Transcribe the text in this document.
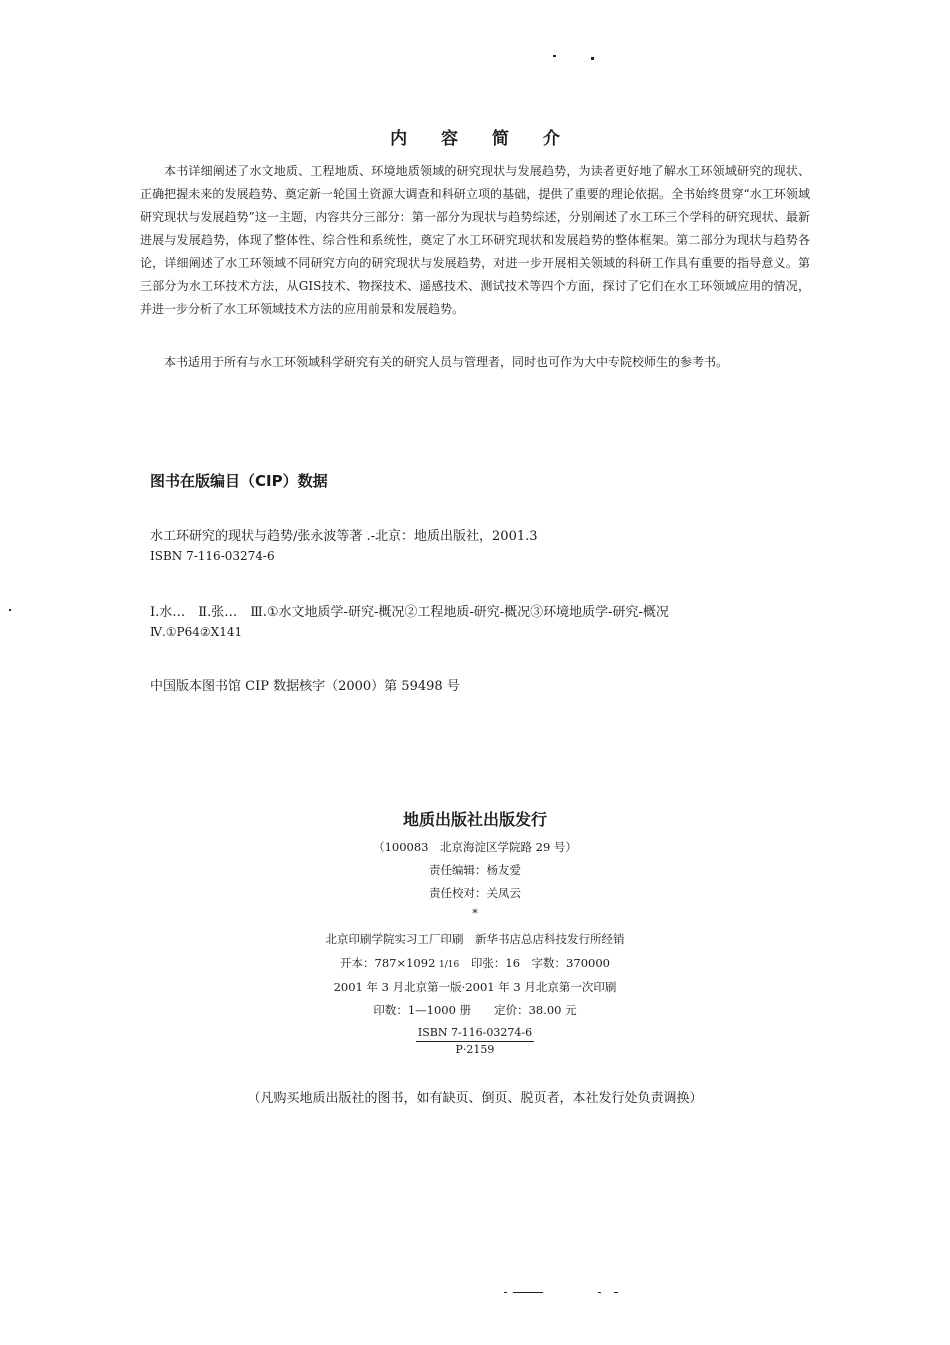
内 容 简 介
本书详细阐述了水文地质、工程地质、环境地质领域的研究现状与发展趋势，为读者更好地了解水工环领域研究的现状、正确把握未来的发展趋势、奠定新一轮国土资源大调查和科研立项的基础，提供了重要的理论依据。全书始终贯穿“水工环领域研究现状与发展趋势”这一主题，内容共分三部分：第一部分为现状与趋势综述，分别阐述了水工环三个学科的研究现状、最新进展与发展趋势，体现了整体性、综合性和系统性，奠定了水工环研究现状和发展趋势的整体框架。第二部分为现状与趋势各论，详细阐述了水工环领域不同研究方向的研究现状与发展趋势，对进一步开展相关领域的科研工作具有重要的指导意义。第三部分为水工环技术方法，从GIS技术、物探技术、遥感技术、测试技术等四个方面，探讨了它们在水工环领域应用的情况，并进一步分析了水工环领域技术方法的应用前景和发展趋势。
本书适用于所有与水工环领域科学研究有关的研究人员与管理者，同时也可作为大中专院校师生的参考书。
图书在版编目（CIP）数据
水工环研究的现状与趋势/张永波等著 .-北京：地质出版社，2001.3
ISBN 7-116-03274-6
Ⅰ.水…　Ⅱ.张…　Ⅲ.①水文地质学-研究-概况②工程地质-研究-概况③环境地质学-研究-概况
Ⅳ.①P64②X141
中国版本图书馆 CIP 数据核字（2000）第 59498 号
地质出版社出版发行
（100083　北京海淀区学院路 29 号）
责任编辑：杨友爱
责任校对：关凤云
*
北京印刷学院实习工厂印刷　新华书店总店科技发行所经销
开本：787×1092 1/16 印张：16　字数：370000
2001 年 3 月北京第一版·2001 年 3 月北京第一次印刷
印数：1—1000 册　　定价：38.00 元
ISBN 7-116-03274-6
P·2159
（凡购买地质出版社的图书，如有缺页、倒页、脱页者，本社发行处负责调换）
